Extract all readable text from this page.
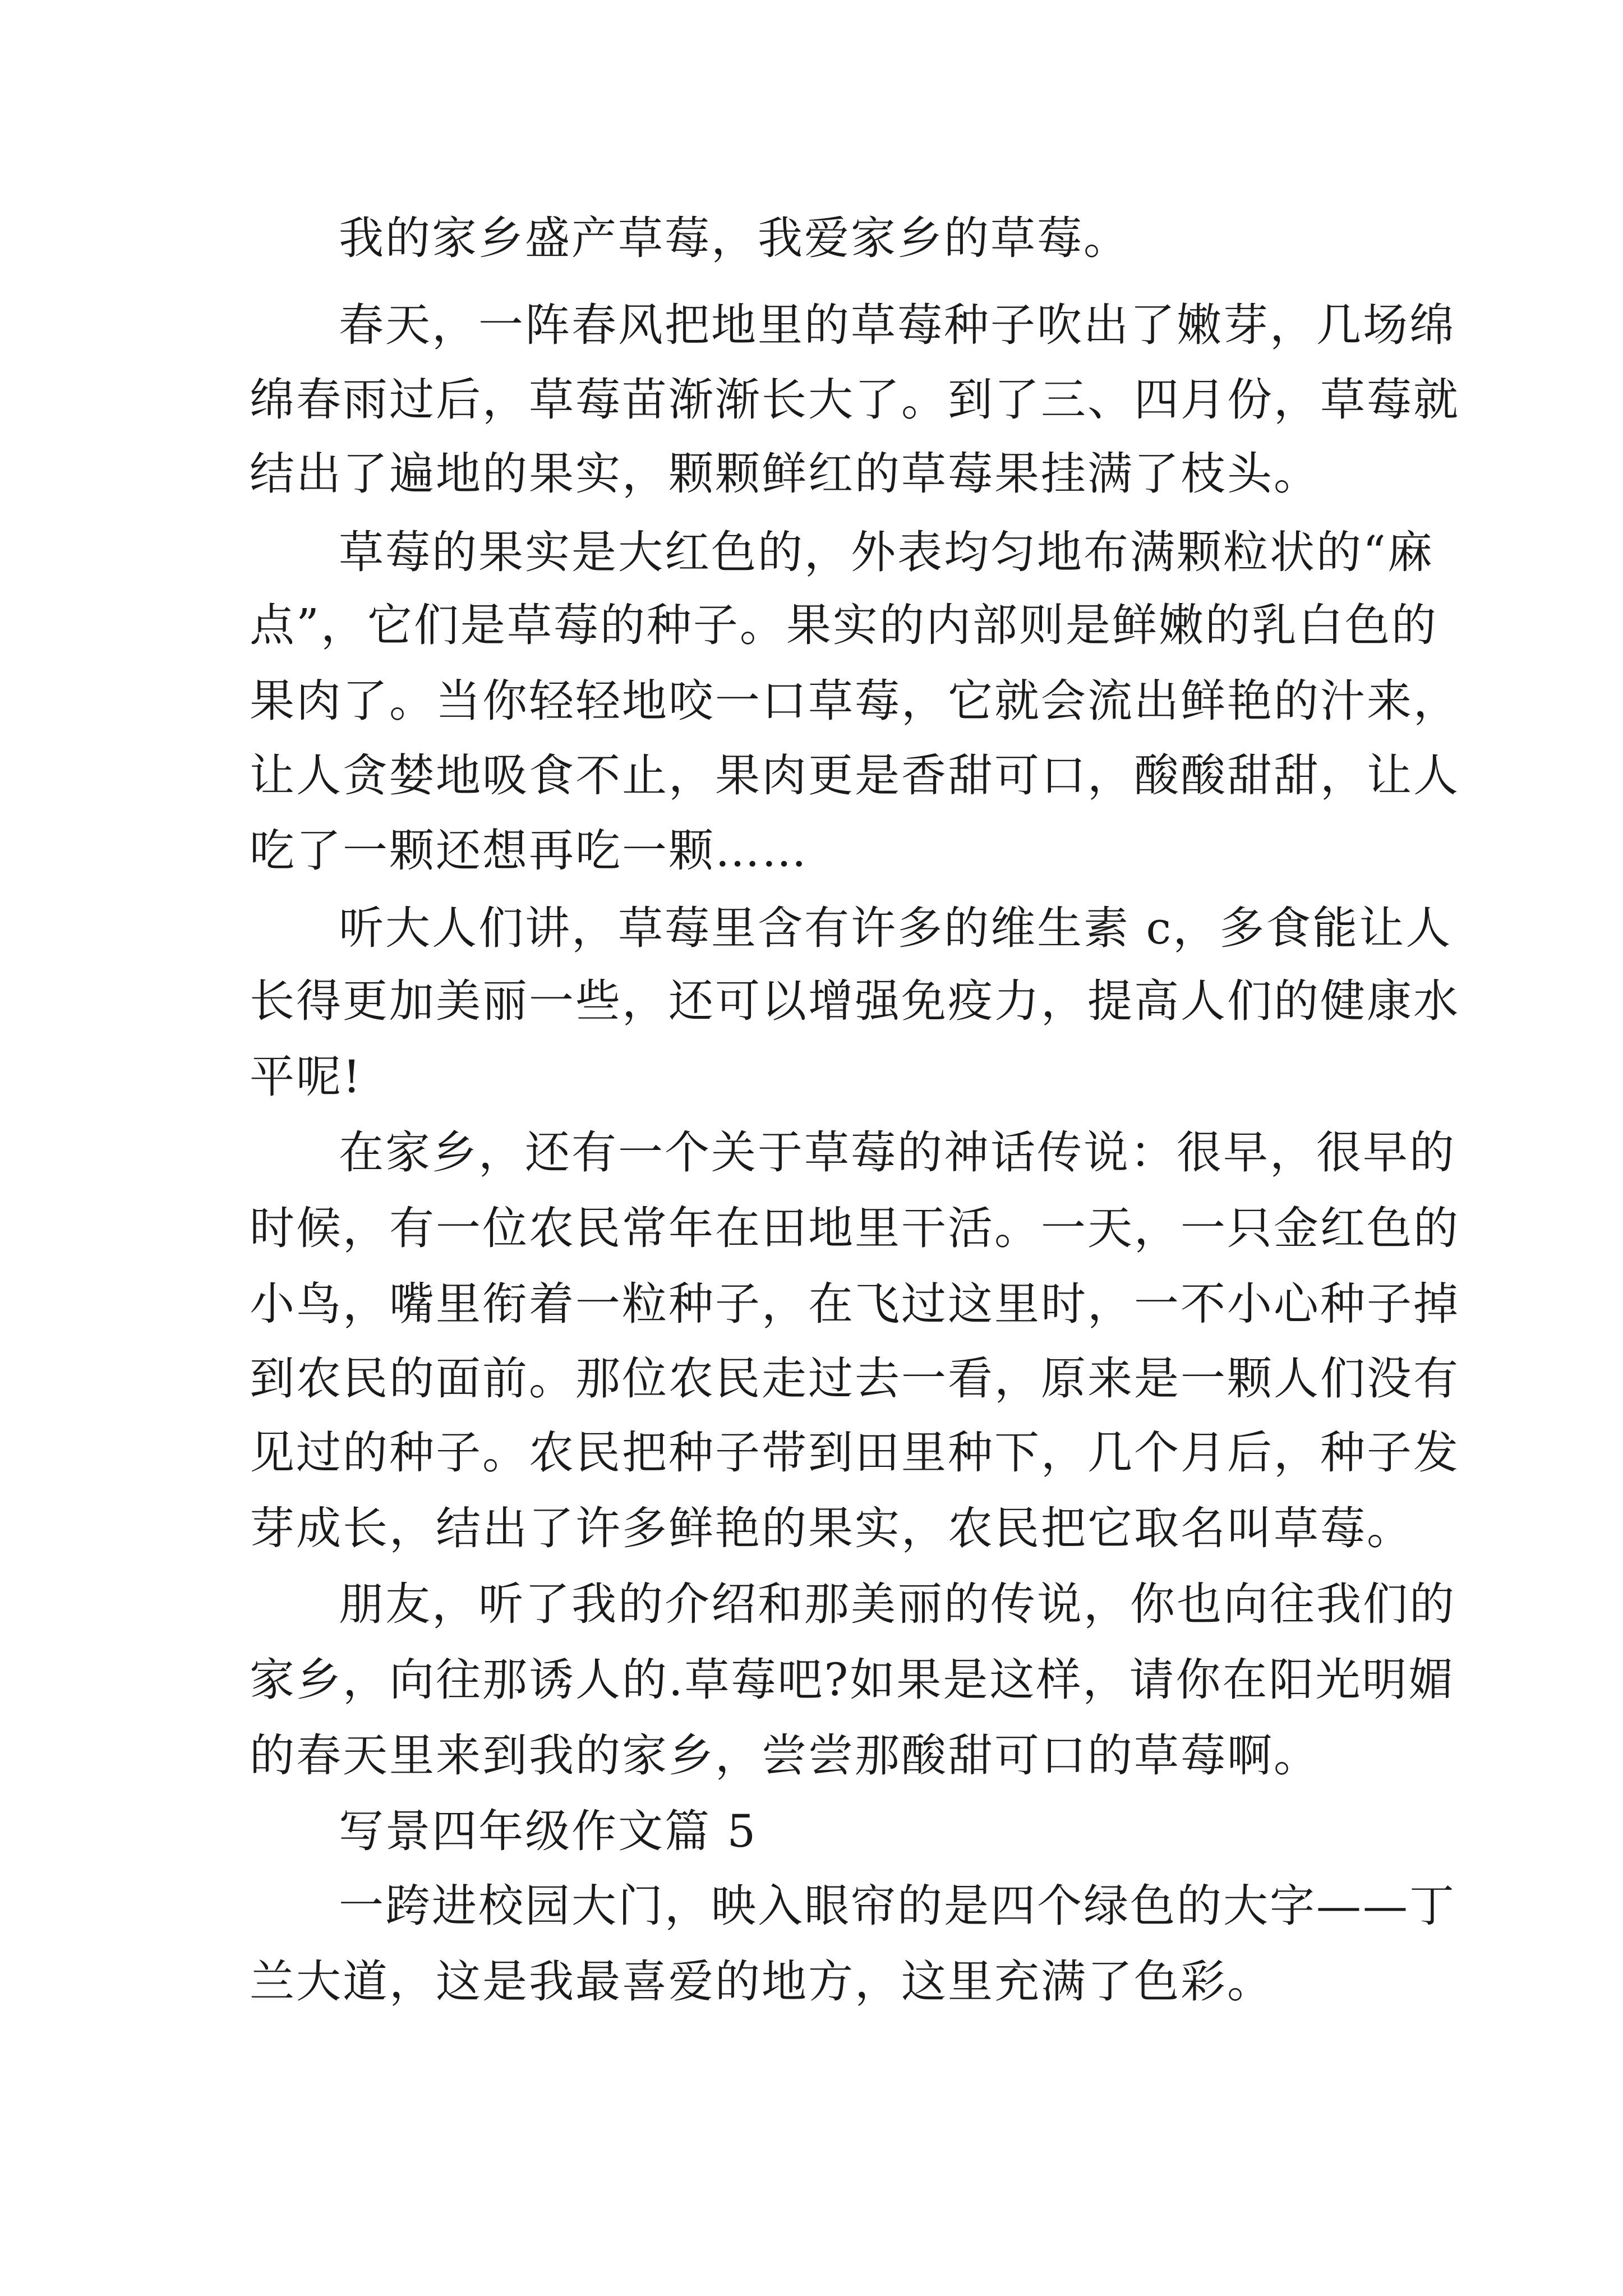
我的家乡盛产草莓，我爱家乡的草莓。
春天，一阵春风把地里的草莓种子吹出了嫩芽，几场绵
绵春雨过后，草莓苗渐渐长大了。到了三、四月份，草莓就
结出了遍地的果实，颗颗鲜红的草莓果挂满了枝头。
草莓的果实是大红色的，外表均匀地布满颗粒状的“麻
点”，它们是草莓的种子。果实的内部则是鲜嫩的乳白色的
果肉了。当你轻轻地咬一口草莓，它就会流出鲜艳的汁来，
让人贪婪地吸食不止，果肉更是香甜可口，酸酸甜甜，让人
吃了一颗还想再吃一颗……
听大人们讲，草莓里含有许多的维生素 c，多食能让人
长得更加美丽一些，还可以增强免疫力，提高人们的健康水
平呢!
在家乡，还有一个关于草莓的神话传说：很早，很早的
时候，有一位农民常年在田地里干活。一天，一只金红色的
小鸟，嘴里衔着一粒种子，在飞过这里时，一不小心种子掉
到农民的面前。那位农民走过去一看，原来是一颗人们没有
见过的种子。农民把种子带到田里种下，几个月后，种子发
芽成长，结出了许多鲜艳的果实，农民把它取名叫草莓。
朋友，听了我的介绍和那美丽的传说，你也向往我们的
家乡，向往那诱人的.草莓吧?如果是这样，请你在阳光明媚
的春天里来到我的家乡，尝尝那酸甜可口的草莓啊。
写景四年级作文篇 5
一跨进校园大门，映入眼帘的是四个绿色的大字——丁
兰大道，这是我最喜爱的地方，这里充满了色彩。
